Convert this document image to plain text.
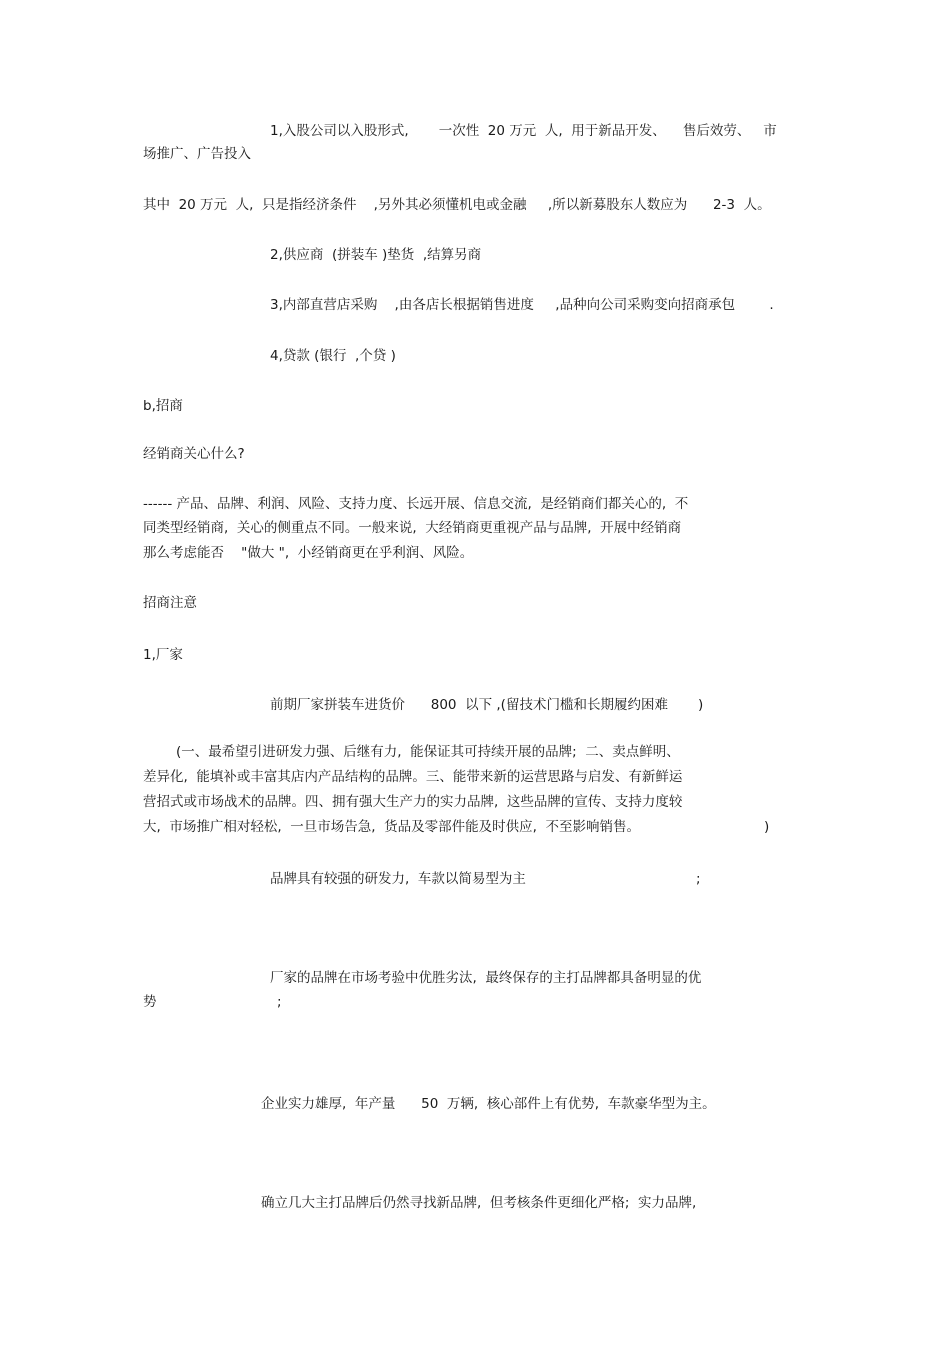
1,入股公司以入股形式,       一次性  20 万元  人,  用于新品开发、    售后效劳、   市
场推广、广告投入
其中  20 万元  人,  只是指经济条件    ,另外其必须懂机电或金融     ,所以新募股东人数应为      2-3  人。
2,供应商  (拼装车 )垫货  ,结算另商
3,内部直营店采购    ,由各店长根据销售进度     ,品种向公司采购变向招商承包        .
4,贷款 (银行  ,个贷 )
b,招商
经销商关心什么?
------ 产品、品牌、利润、风险、支持力度、长远开展、信息交流,  是经销商们都关心的,  不
同类型经销商,  关心的侧重点不同。一般来说,  大经销商更重视产品与品牌,  开展中经销商
那么考虑能否    "做大 ",  小经销商更在乎利润、风险。
招商注意
1,厂家
前期厂家拼装车进货价      800  以下 ,(留技术门槛和长期履约困难       )
(一、最希望引进研发力强、后继有力,  能保证其可持续开展的品牌;  二、卖点鲜明、
差异化,  能填补或丰富其店内产品结构的品牌。三、能带来新的运营思路与启发、有新鲜运
营招式或市场战术的品牌。四、拥有强大生产力的实力品牌,  这些品牌的宣传、支持力度较
大,  市场推广相对轻松,  一旦市场告急,  货品及零部件能及时供应,  不至影响销售。	)
品牌具有较强的研发力,  车款以简易型为主	;
厂家的品牌在市场考验中优胜劣汰,  最终保存的主打品牌都具备明显的优
势	;
企业实力雄厚,  年产量      50  万辆,  核心部件上有优势,  车款豪华型为主。
确立几大主打品牌后仍然寻找新品牌,  但考核条件更细化严格;  实力品牌,
